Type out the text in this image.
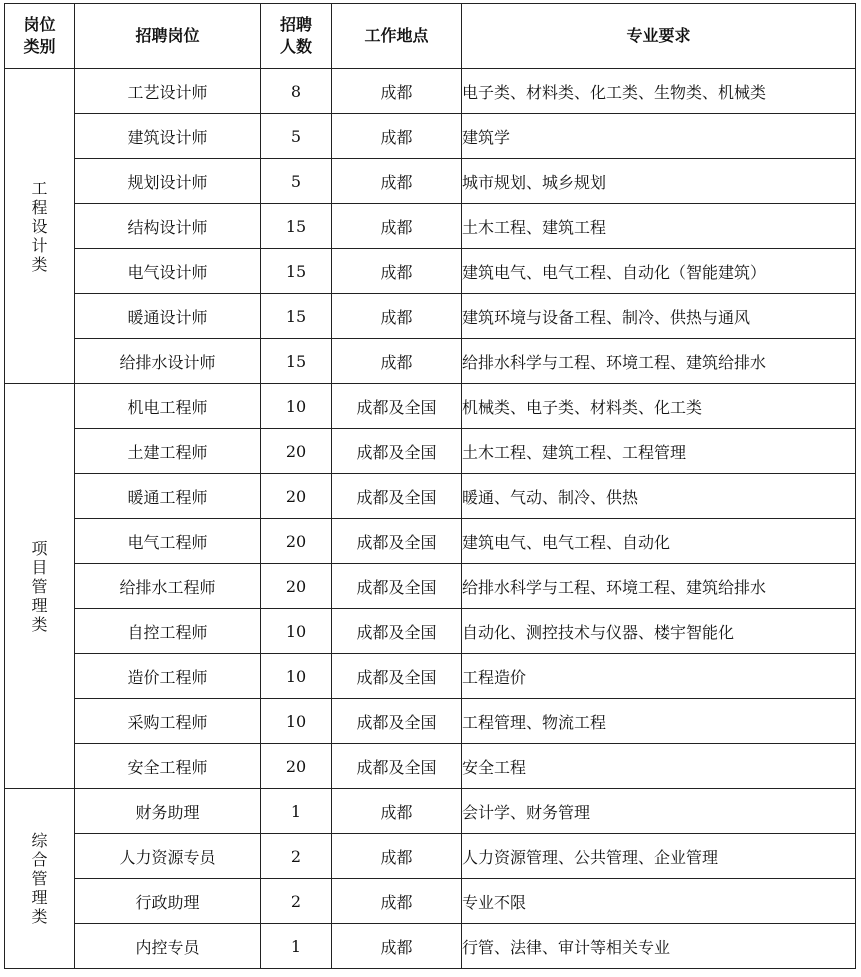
岗位类别	招聘岗位	招聘人数	工作地点	专业要求
工程设计类	工艺设计师	8	成都	电子类、材料类、化工类、生物类、机械类
	建筑设计师	5	成都	建筑学
	规划设计师	5	成都	城市规划、城乡规划
	结构设计师	15	成都	土木工程、建筑工程
	电气设计师	15	成都	建筑电气、电气工程、自动化（智能建筑）
	暖通设计师	15	成都	建筑环境与设备工程、制冷、供热与通风
	给排水设计师	15	成都	给排水科学与工程、环境工程、建筑给排水
项目管理类	机电工程师	10	成都及全国	机械类、电子类、材料类、化工类
	土建工程师	20	成都及全国	土木工程、建筑工程、工程管理
	暖通工程师	20	成都及全国	暖通、气动、制冷、供热
	电气工程师	20	成都及全国	建筑电气、电气工程、自动化
	给排水工程师	20	成都及全国	给排水科学与工程、环境工程、建筑给排水
	自控工程师	10	成都及全国	自动化、测控技术与仪器、楼宇智能化
	造价工程师	10	成都及全国	工程造价
	采购工程师	10	成都及全国	工程管理、物流工程
	安全工程师	20	成都及全国	安全工程
综合管理类	财务助理	1	成都	会计学、财务管理
	人力资源专员	2	成都	人力资源管理、公共管理、企业管理
	行政助理	2	成都	专业不限
	内控专员	1	成都	行管、法律、审计等相关专业
